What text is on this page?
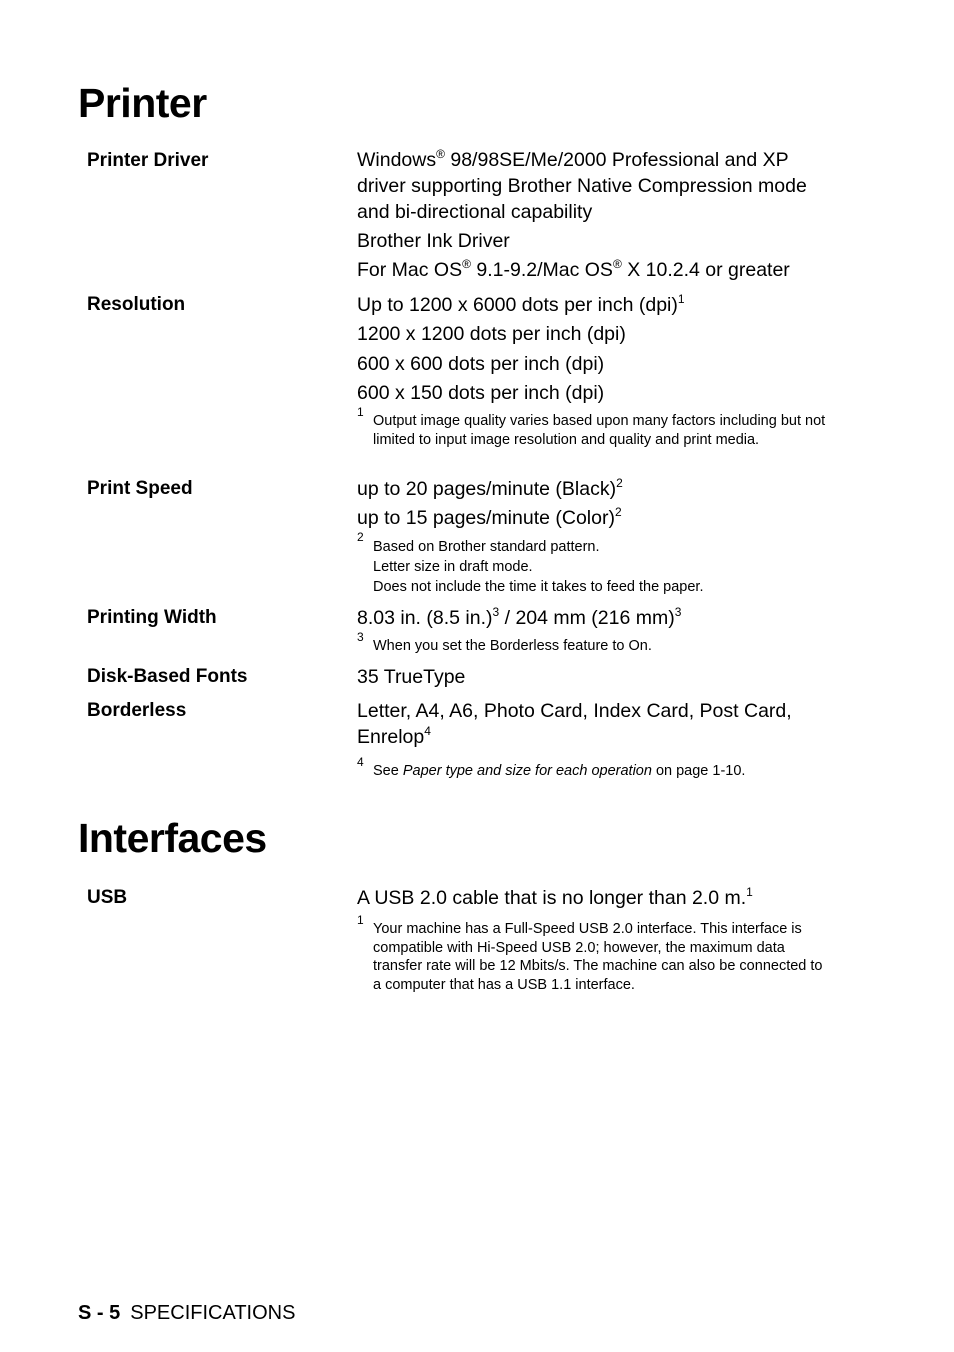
Printer
Printer Driver	Windows® 98/98SE/Me/2000 Professional and XP driver supporting Brother Native Compression mode and bi-directional capability
Brother Ink Driver
For Mac OS® 9.1-9.2/Mac OS® X 10.2.4 or greater
Resolution	Up to 1200 x 6000 dots per inch (dpi)$^1$
1200 x 1200 dots per inch (dpi)
600 x 600 dots per inch (dpi)
600 x 150 dots per inch (dpi)
1
Output image quality varies based upon many factors including but not limited to input image resolution and quality and print media.
Print Speed	up to 20 pages/minute (Black)$^2$
up to 15 pages/minute (Color)$^2$
2
Based on Brother standard pattern.
Letter size in draft mode.
Does not include the time it takes to feed the paper.
Printing Width	8.03 in. (8.5 in.)$^3$ / 204 mm (216 mm)$^3$
3
When you set the Borderless feature to On.
Disk-Based Fonts	35 TrueType
Borderless	Letter, A4, A6, Photo Card, Index Card, Post Card, Enrelop$^4$
4
See Paper type and size for each operation on page 1-10.
Interfaces
USB	A USB 2.0 cable that is no longer than 2.0 m.$^1$
1
Your machine has a Full-Speed USB 2.0 interface. This interface is compatible with Hi-Speed USB 2.0; however, the maximum data transfer rate will be 12 Mbits/s. The machine can also be connected to a computer that has a USB 1.1 interface.
S - 5 SPECIFICATIONS
